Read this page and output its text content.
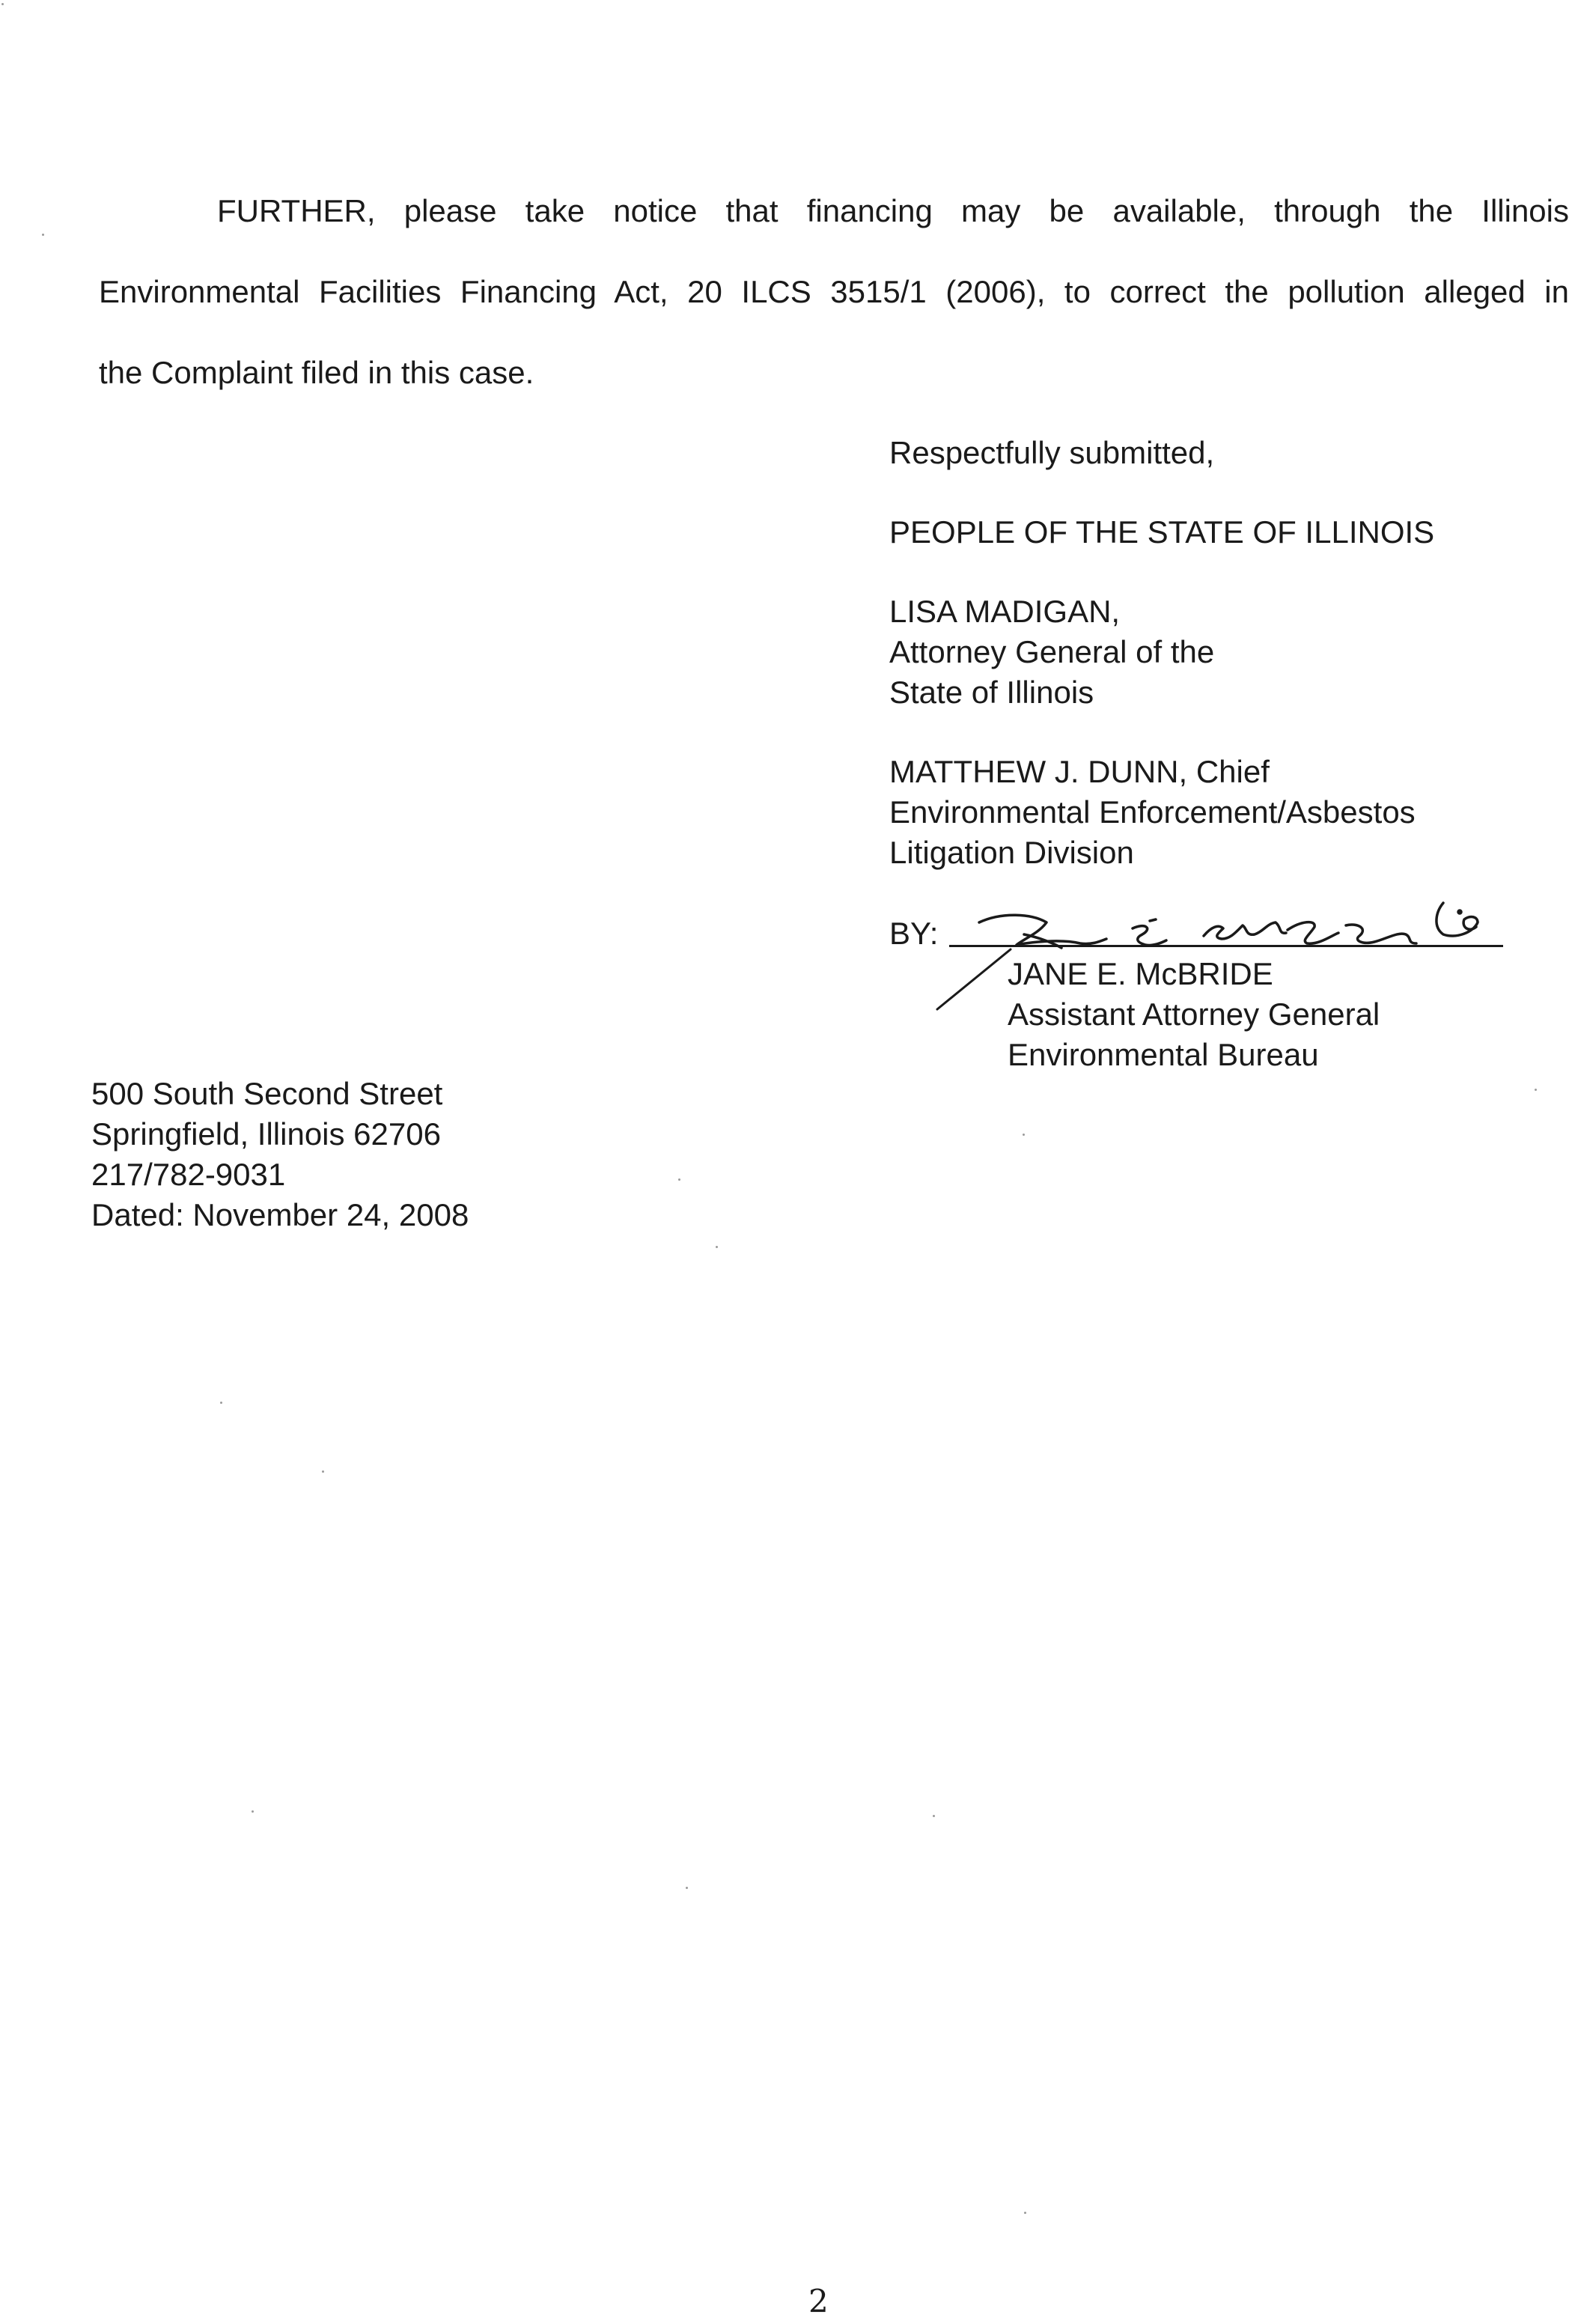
FURTHER, please take notice that financing may be available, through the Illinois
Environmental Facilities Financing Act, 20 ILCS 3515/1 (2006), to correct the pollution alleged in
the Complaint filed in this case.
Respectfully submitted,
PEOPLE OF THE STATE OF ILLINOIS
LISA MADIGAN,
Attorney General of the
State of Illinois
MATTHEW J. DUNN, Chief
Environmental Enforcement/Asbestos
Litigation Division
BY:
JANE E. McBRIDE
Assistant Attorney General
Environmental Bureau
500 South Second Street
Springfield, Illinois 62706
217/782-9031
Dated: November 24, 2008
2
